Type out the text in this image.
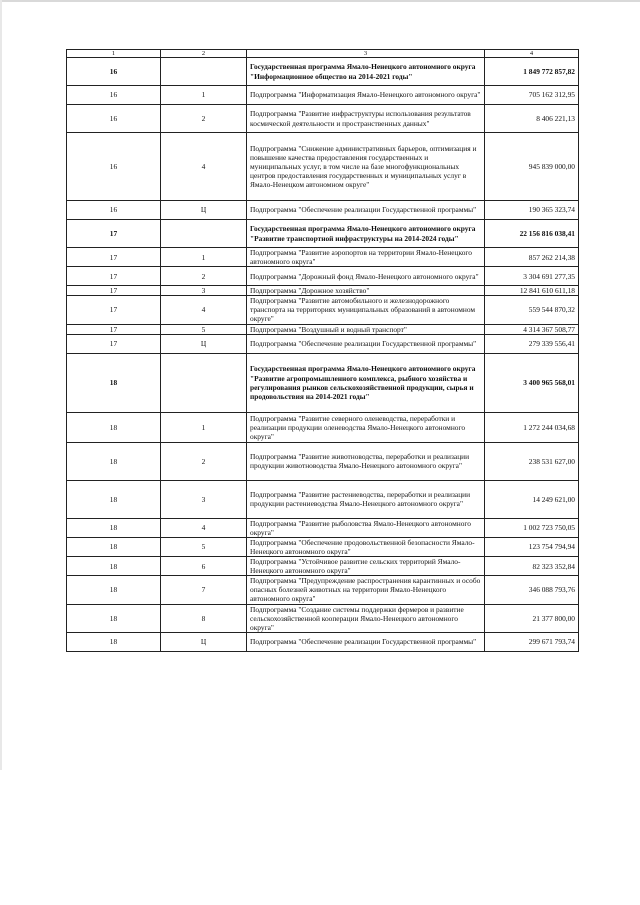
1	2	3	4
16		Государственная программа Ямало-Ненецкого автономного округа "Информационное общество на 2014-2021 годы"	1 849 772 857,82
16	1	Подпрограмма "Информатизация Ямало-Ненецкого автономного округа"	705 162 312,95
16	2	Подпрограмма "Развитие инфраструктуры использования результатов космической деятельности и пространственных данных"	8 406 221,13
16	4	Подпрограмма "Снижение административных барьеров, оптимизация и повышение качества предоставления государственных и муниципальных услуг, в том числе на базе многофункциональных центров предоставления государственных и муниципальных услуг в Ямало-Ненецком автономном округе"	945 839 000,00
16	Ц	Подпрограмма "Обеспечение реализации Государственной программы"	190 365 323,74
17		Государственная программа Ямало-Ненецкого автономного округа "Развитие транспортной инфраструктуры на 2014-2024 годы"	22 156 816 038,41
17	1	Подпрограмма "Развитие аэропортов на территории Ямало-Ненецкого автономного округа"	857 262 214,38
17	2	Подпрограмма "Дорожный фонд Ямало-Ненецкого автономного округа"	3 304 691 277,35
17	3	Подпрограмма "Дорожное хозяйство"	12 841 610 611,18
17	4	Подпрограмма "Развитие автомобильного и железнодорожного транспорта на территориях муниципальных образований в автономном округе"	559 544 870,32
17	5	Подпрограмма "Воздушный и водный транспорт"	4 314 367 508,77
17	Ц	Подпрограмма "Обеспечение реализации Государственной программы"	279 339 556,41
18		Государственная программа Ямало-Ненецкого автономного округа "Развитие агропромышленного комплекса, рыбного хозяйства и регулирования рынков сельскохозяйственной продукции, сырья и продовольствия на 2014-2021 годы"	3 400 965 568,01
18	1	Подпрограмма "Развитие северного оленеводства, переработки и реализации продукции оленеводства Ямало-Ненецкого автономного округа"	1 272 244 034,68
18	2	Подпрограмма "Развитие животноводства, переработки и реализации продукции животноводства Ямало-Ненецкого автономного округа"	238 531 627,00
18	3	Подпрограмма "Развитие растениеводства, переработки и реализации продукции растениеводства Ямало-Ненецкого автономного округа"	14 249 621,00
18	4	Подпрограмма "Развитие рыболовства Ямало-Ненецкого автономного округа"	1 002 723 750,05
18	5	Подпрограмма "Обеспечение продовольственной безопасности Ямало-Ненецкого автономного округа"	123 754 794,94
18	6	Подпрограмма "Устойчивое развитие сельских территорий Ямало-Ненецкого автономного округа"	82 323 352,84
18	7	Подпрограмма "Предупреждение распространения карантинных и особо опасных болезней животных на территории Ямало-Ненецкого автономного округа"	346 088 793,76
18	8	Подпрограмма "Создание системы поддержки фермеров и развитие сельскохозяйственной кооперации Ямало-Ненецкого автономного округа"	21 377 800,00
18	Ц	Подпрограмма "Обеспечение реализации Государственной программы"	299 671 793,74
